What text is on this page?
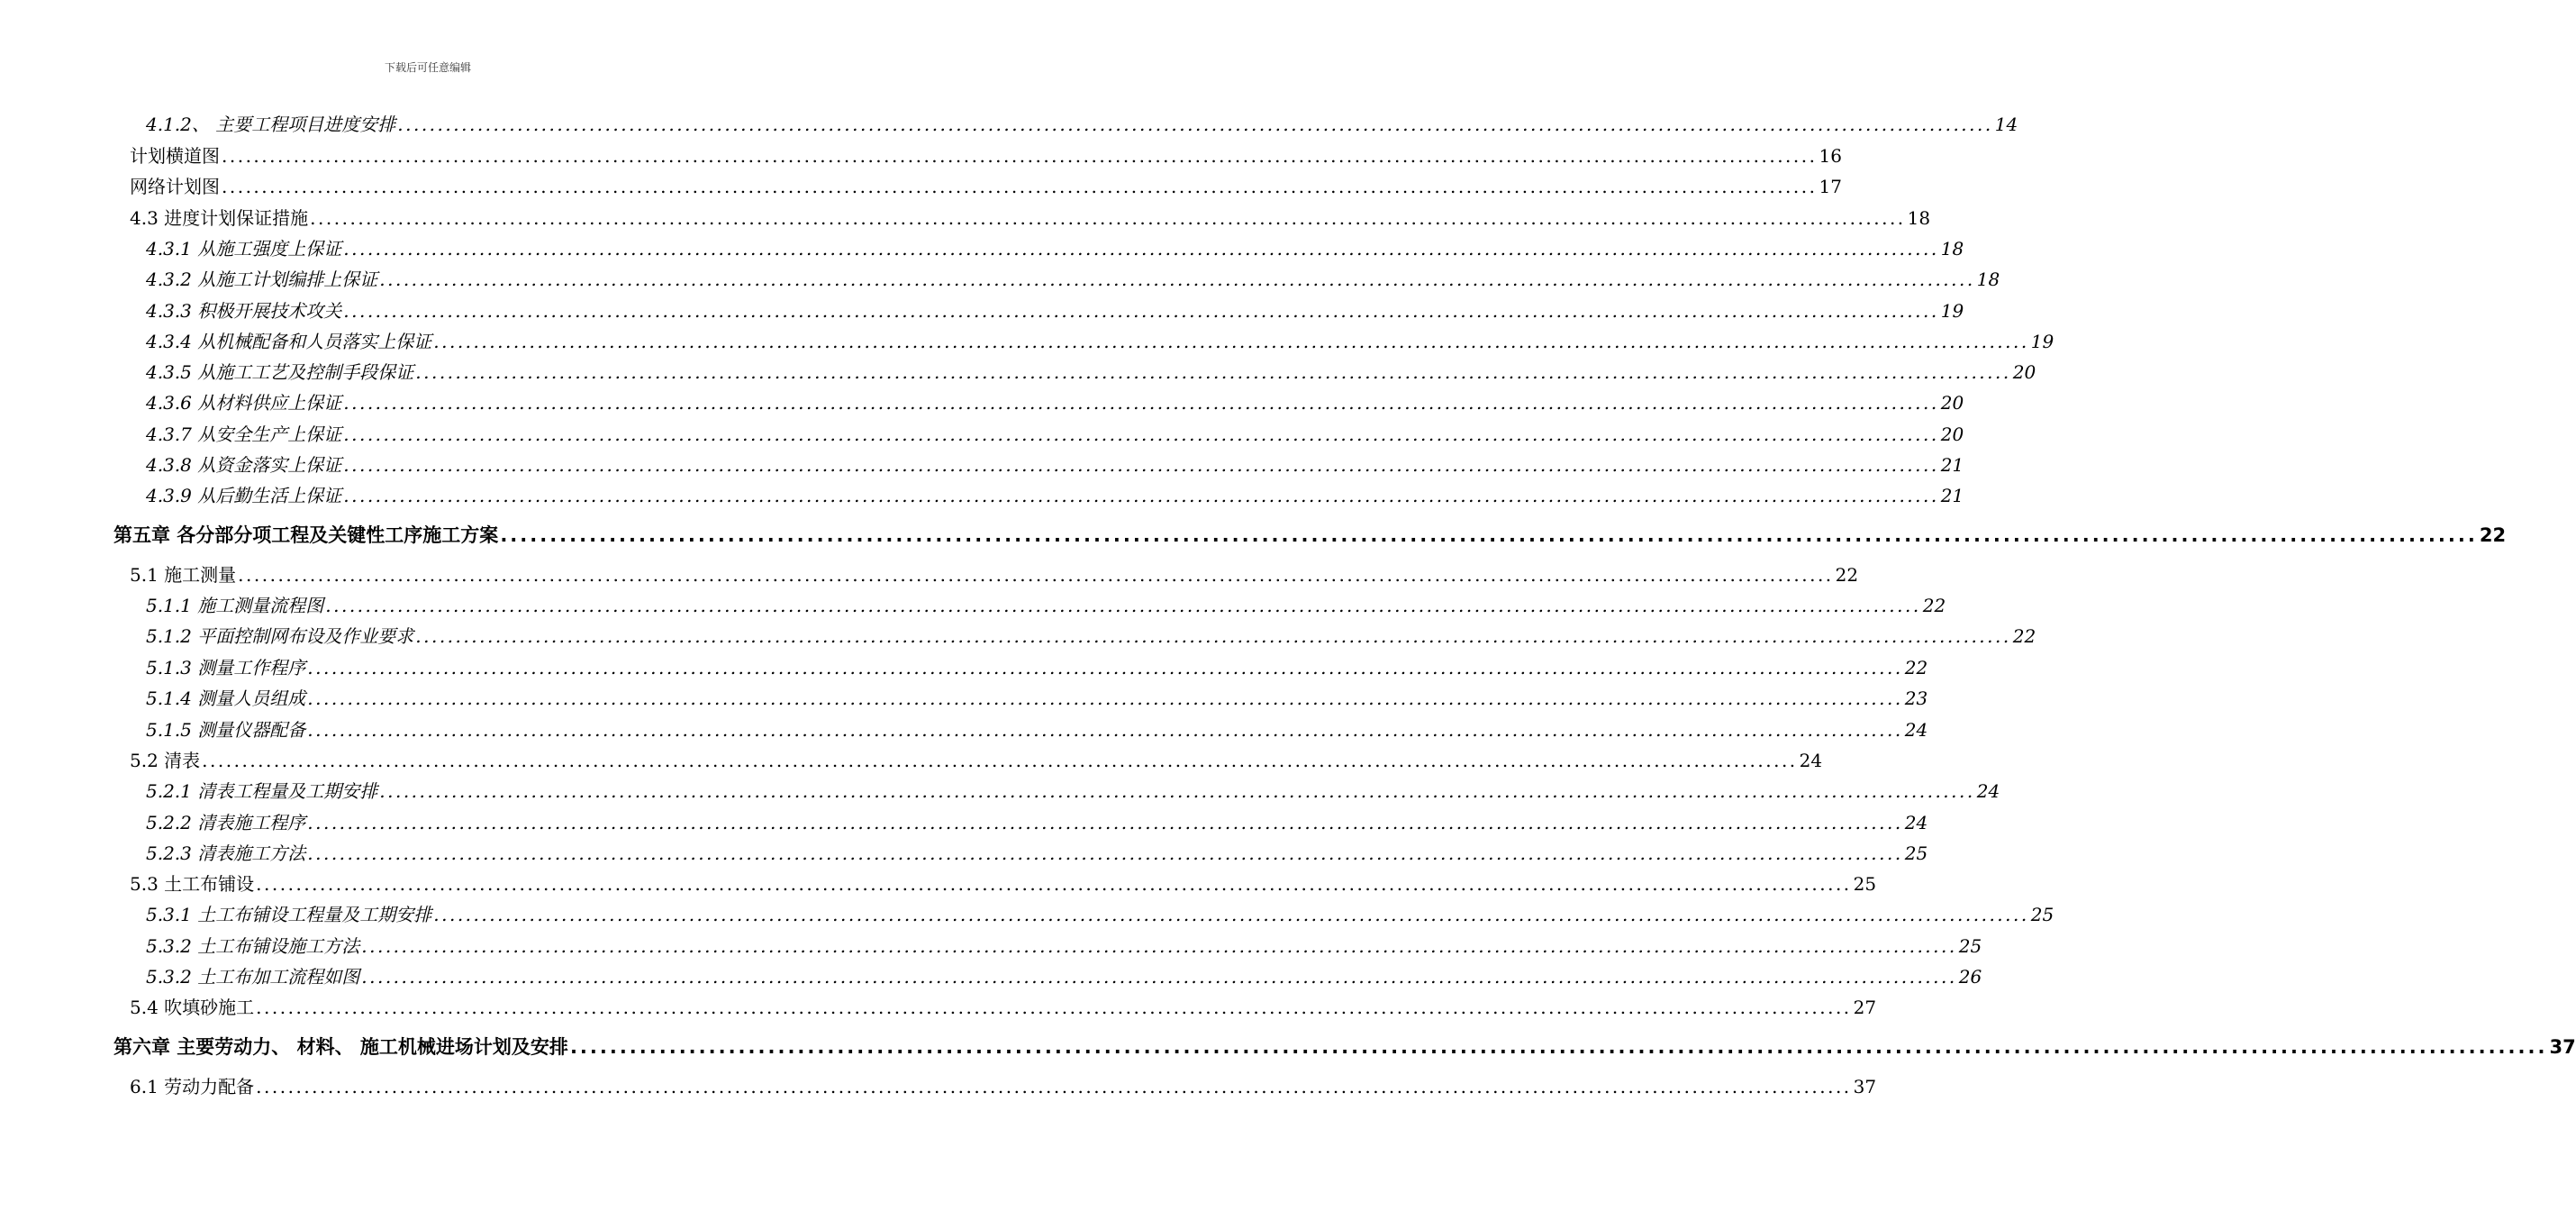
下载后可任意编辑
4.1.2、 主要工程项目进度安排 ........................................................................................................................................................................................................ 14
计划横道图 ........................................................................................................................................................................................................ 16
网络计划图 ........................................................................................................................................................................................................ 17
4.3 进度计划保证措施 ........................................................................................................................................................................................................ 18
4.3.1 从施工强度上保证 ........................................................................................................................................................................................................ 18
4.3.2 从施工计划编排上保证 ........................................................................................................................................................................................................ 18
4.3.3 积极开展技术攻关 ........................................................................................................................................................................................................ 19
4.3.4 从机械配备和人员落实上保证 ........................................................................................................................................................................................................ 19
4.3.5 从施工工艺及控制手段保证 ........................................................................................................................................................................................................ 20
4.3.6 从材料供应上保证 ........................................................................................................................................................................................................ 20
4.3.7 从安全生产上保证 ........................................................................................................................................................................................................ 20
4.3.8 从资金落实上保证 ........................................................................................................................................................................................................ 21
4.3.9 从后勤生活上保证 ........................................................................................................................................................................................................ 21
第五章 各分部分项工程及关键性工序施工方案 ........................................................................................................................................................................................................ 22
5.1 施工测量 ........................................................................................................................................................................................................ 22
5.1.1 施工测量流程图 ........................................................................................................................................................................................................ 22
5.1.2 平面控制网布设及作业要求 ........................................................................................................................................................................................................ 22
5.1.3 测量工作程序 ........................................................................................................................................................................................................ 22
5.1.4 测量人员组成 ........................................................................................................................................................................................................ 23
5.1.5 测量仪器配备 ........................................................................................................................................................................................................ 24
5.2 清表 ........................................................................................................................................................................................................ 24
5.2.1 清表工程量及工期安排 ........................................................................................................................................................................................................ 24
5.2.2 清表施工程序 ........................................................................................................................................................................................................ 24
5.2.3 清表施工方法 ........................................................................................................................................................................................................ 25
5.3 土工布铺设 ........................................................................................................................................................................................................ 25
5.3.1 土工布铺设工程量及工期安排 ........................................................................................................................................................................................................ 25
5.3.2 土工布铺设施工方法 ........................................................................................................................................................................................................ 25
5.3.2 土工布加工流程如图 ........................................................................................................................................................................................................ 26
5.4 吹填砂施工 ........................................................................................................................................................................................................ 27
第六章 主要劳动力、 材料、 施工机械进场计划及安排 ........................................................................................................................................................................................................ 37
6.1 劳动力配备 ........................................................................................................................................................................................................ 37
